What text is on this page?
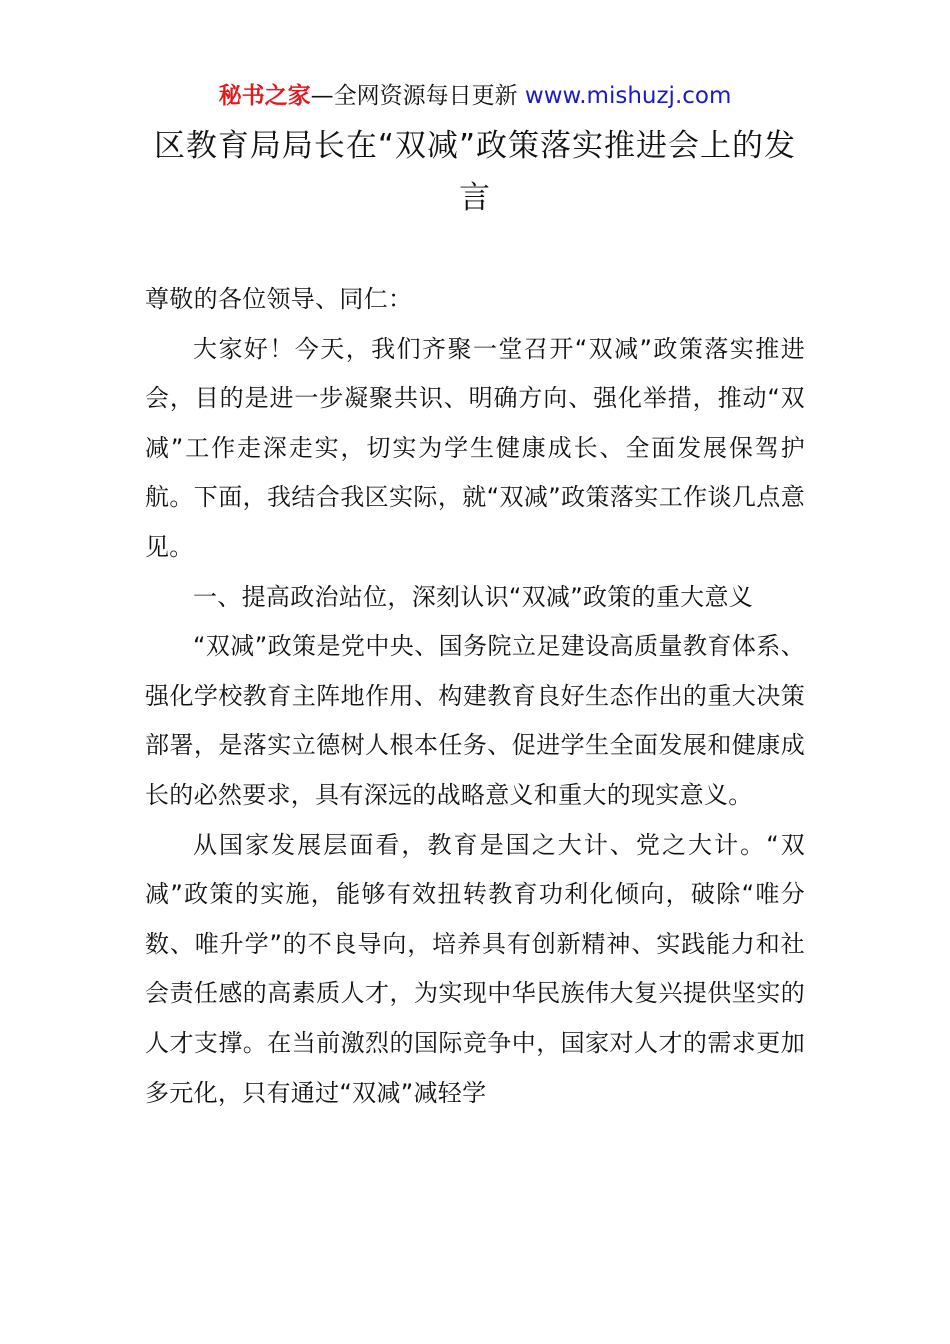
秘书之家—全网资源每日更新 www.mishuzj.com
区教育局局长在“双减”政策落实推进会上的发言

尊敬的各位领导、同仁：

大家好！今天，我们齐聚一堂召开“双减”政策落实推进会，目的是进一步凝聚共识、明确方向、强化举措，推动“双减”工作走深走实，切实为学生健康成长、全面发展保驾护航。下面，我结合我区实际，就“双减”政策落实工作谈几点意见。

一、提高政治站位，深刻认识“双减”政策的重大意义

“双减”政策是党中央、国务院立足建设高质量教育体系、强化学校教育主阵地作用、构建教育良好生态作出的重大决策部署，是落实立德树人根本任务、促进学生全面发展和健康成长的必然要求，具有深远的战略意义和重大的现实意义。

从国家发展层面看，教育是国之大计、党之大计。“双减”政策的实施，能够有效扭转教育功利化倾向，破除“唯分数、唯升学”的不良导向，培养具有创新精神、实践能力和社会责任感的高素质人才，为实现中华民族伟大复兴提供坚实的人才支撑。在当前激烈的国际竞争中，国家对人才的需求更加多元化，只有通过“双减”减轻学
